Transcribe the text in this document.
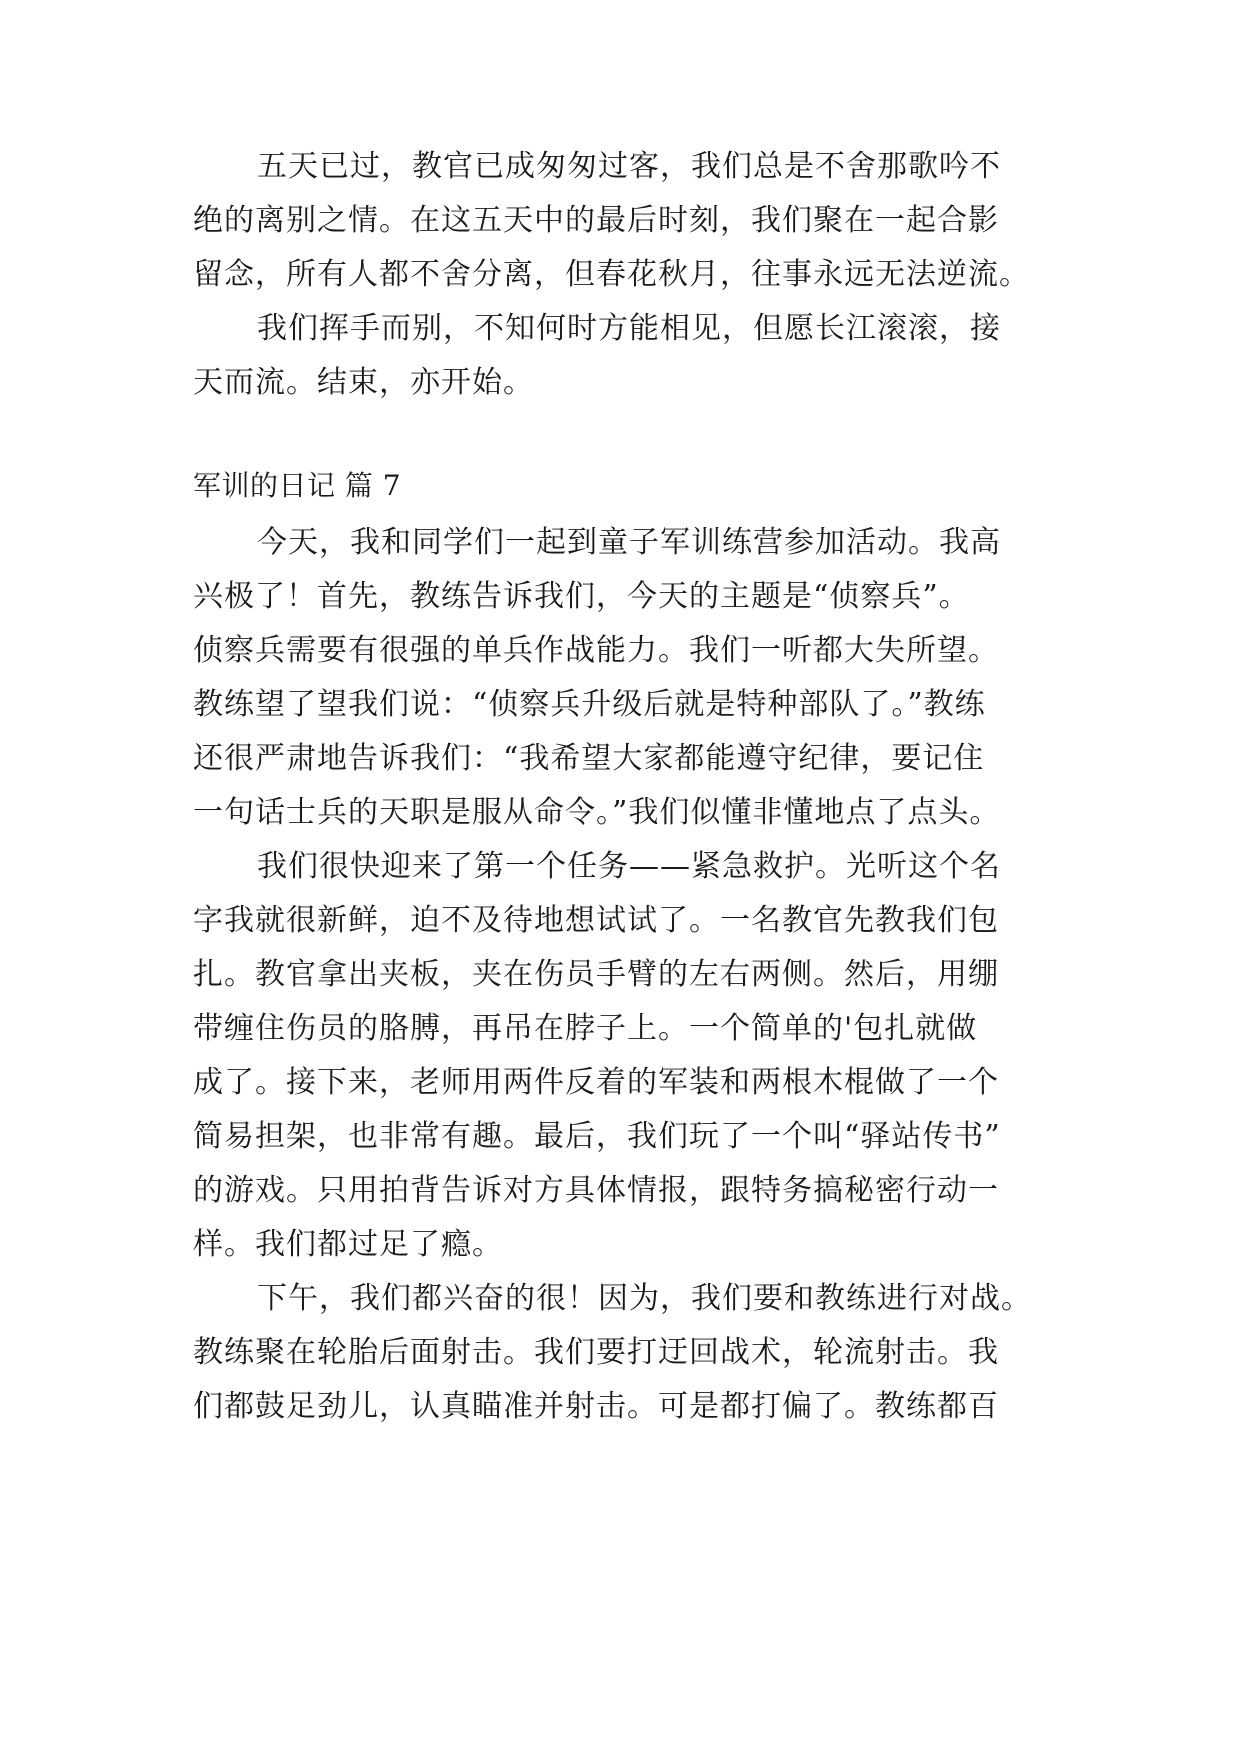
五天已过，教官已成匆匆过客，我们总是不舍那歌吟不
绝的离别之情。在这五天中的最后时刻，我们聚在一起合影
留念，所有人都不舍分离，但春花秋月，往事永远无法逆流。
我们挥手而别，不知何时方能相见，但愿长江滚滚，接
天而流。结束，亦开始。
军训的日记 篇 7
今天，我和同学们一起到童子军训练营参加活动。我高
兴极了！首先，教练告诉我们，今天的主题是“侦察兵”。
侦察兵需要有很强的单兵作战能力。我们一听都大失所望。
教练望了望我们说：“侦察兵升级后就是特种部队了。”教练
还很严肃地告诉我们：“我希望大家都能遵守纪律，要记住
一句话士兵的天职是服从命令。”我们似懂非懂地点了点头。
我们很快迎来了第一个任务——紧急救护。光听这个名
字我就很新鲜，迫不及待地想试试了。一名教官先教我们包
扎。教官拿出夹板，夹在伤员手臂的左右两侧。然后，用绷
带缠住伤员的胳膊，再吊在脖子上。一个简单的'包扎就做
成了。接下来，老师用两件反着的军装和两根木棍做了一个
简易担架，也非常有趣。最后，我们玩了一个叫“驿站传书”
的游戏。只用拍背告诉对方具体情报，跟特务搞秘密行动一
样。我们都过足了瘾。
下午，我们都兴奋的很！因为，我们要和教练进行对战。
教练聚在轮胎后面射击。我们要打迂回战术，轮流射击。我
们都鼓足劲儿，认真瞄准并射击。可是都打偏了。教练都百
